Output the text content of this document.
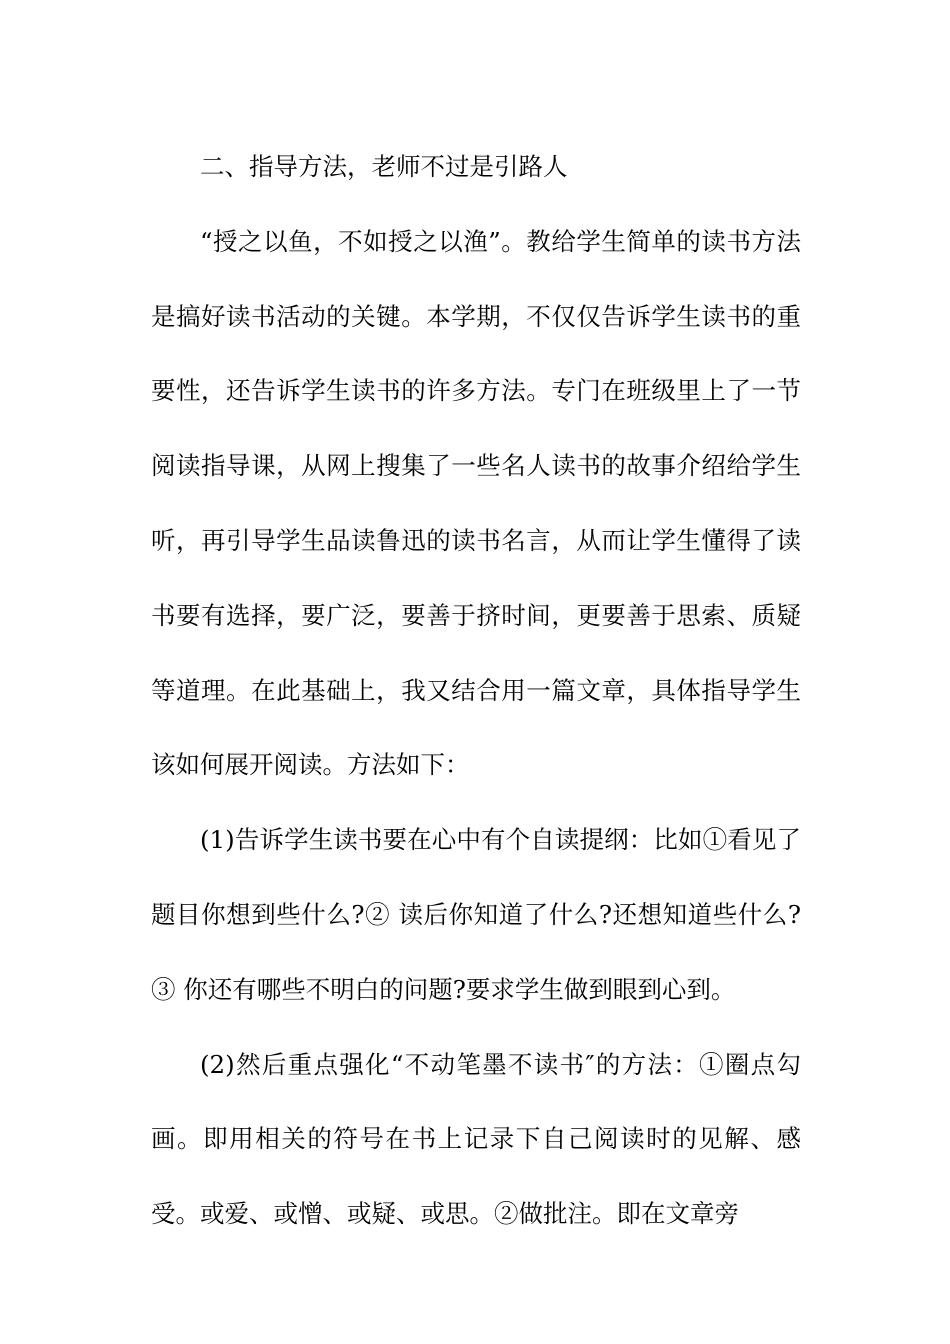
二、指导方法，老师不过是引路人

“授之以鱼，不如授之以渔”。教给学生简单的读书方法是搞好读书活动的关键。本学期，不仅仅告诉学生读书的重要性，还告诉学生读书的许多方法。专门在班级里上了一节阅读指导课，从网上搜集了一些名人读书的故事介绍给学生听，再引导学生品读鲁迅的读书名言，从而让学生懂得了读书要有选择，要广泛，要善于挤时间，更要善于思索、质疑等道理。在此基础上，我又结合用一篇文章，具体指导学生该如何展开阅读。方法如下：

(1)告诉学生读书要在心中有个自读提纲：比如①看见了题目你想到些什么?② 读后你知道了什么?还想知道些什么?③ 你还有哪些不明白的问题?要求学生做到眼到心到。

(2)然后重点强化“不动笔墨不读书″的方法：①圈点勾画。即用相关的符号在书上记录下自己阅读时的见解、感受。或爱、或憎、或疑、或思。②做批注。即在文章旁
